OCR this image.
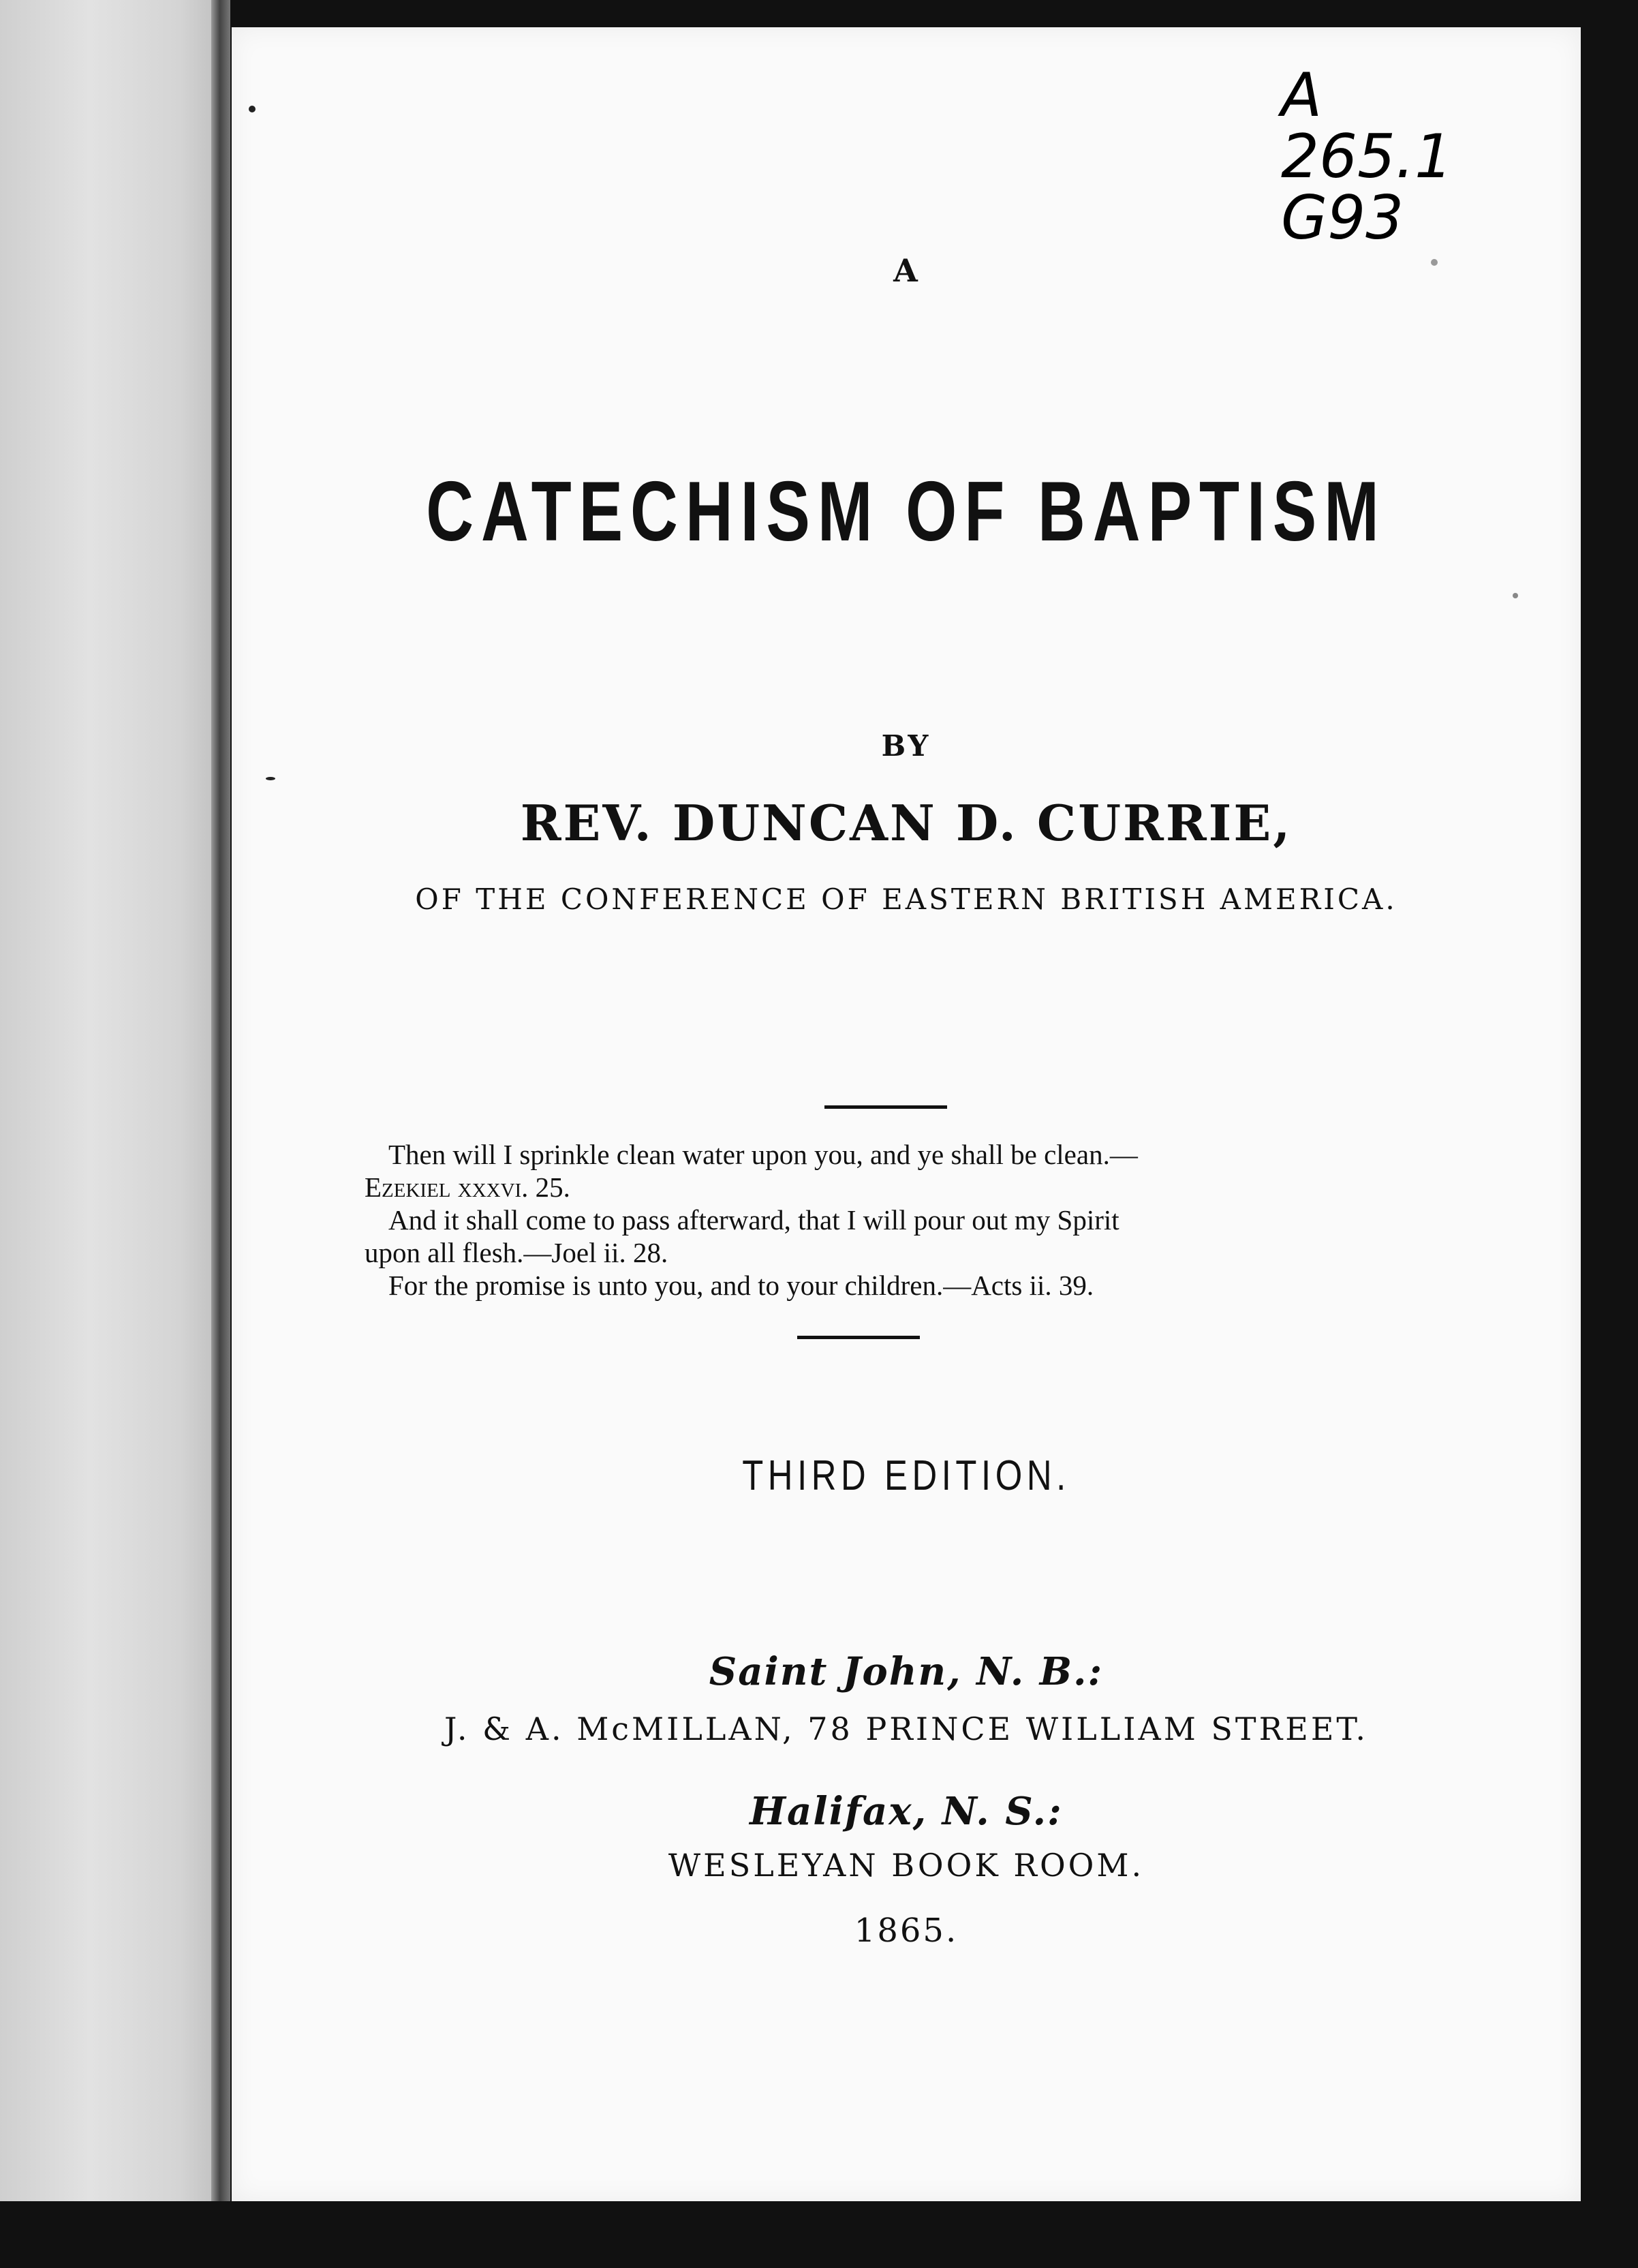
A
265.1
G93
A
CATECHISM OF BAPTISM
BY
REV. DUNCAN D. CURRIE,
OF THE CONFERENCE OF EASTERN BRITISH AMERICA.

Then will I sprinkle clean water upon you, and ye shall be clean.—

Ezekiel xxxvi. 25.

And it shall come to pass afterward, that I will pour out my Spirit

upon all flesh.—Joel ii. 28.

For the promise is unto you, and to your children.—Acts ii. 39.

THIRD EDITION.
Saint John, N. B.:
J. & A. McMILLAN, 78 PRINCE WILLIAM STREET.
Halifax, N. S.:
WESLEYAN BOOK ROOM.
1865.
